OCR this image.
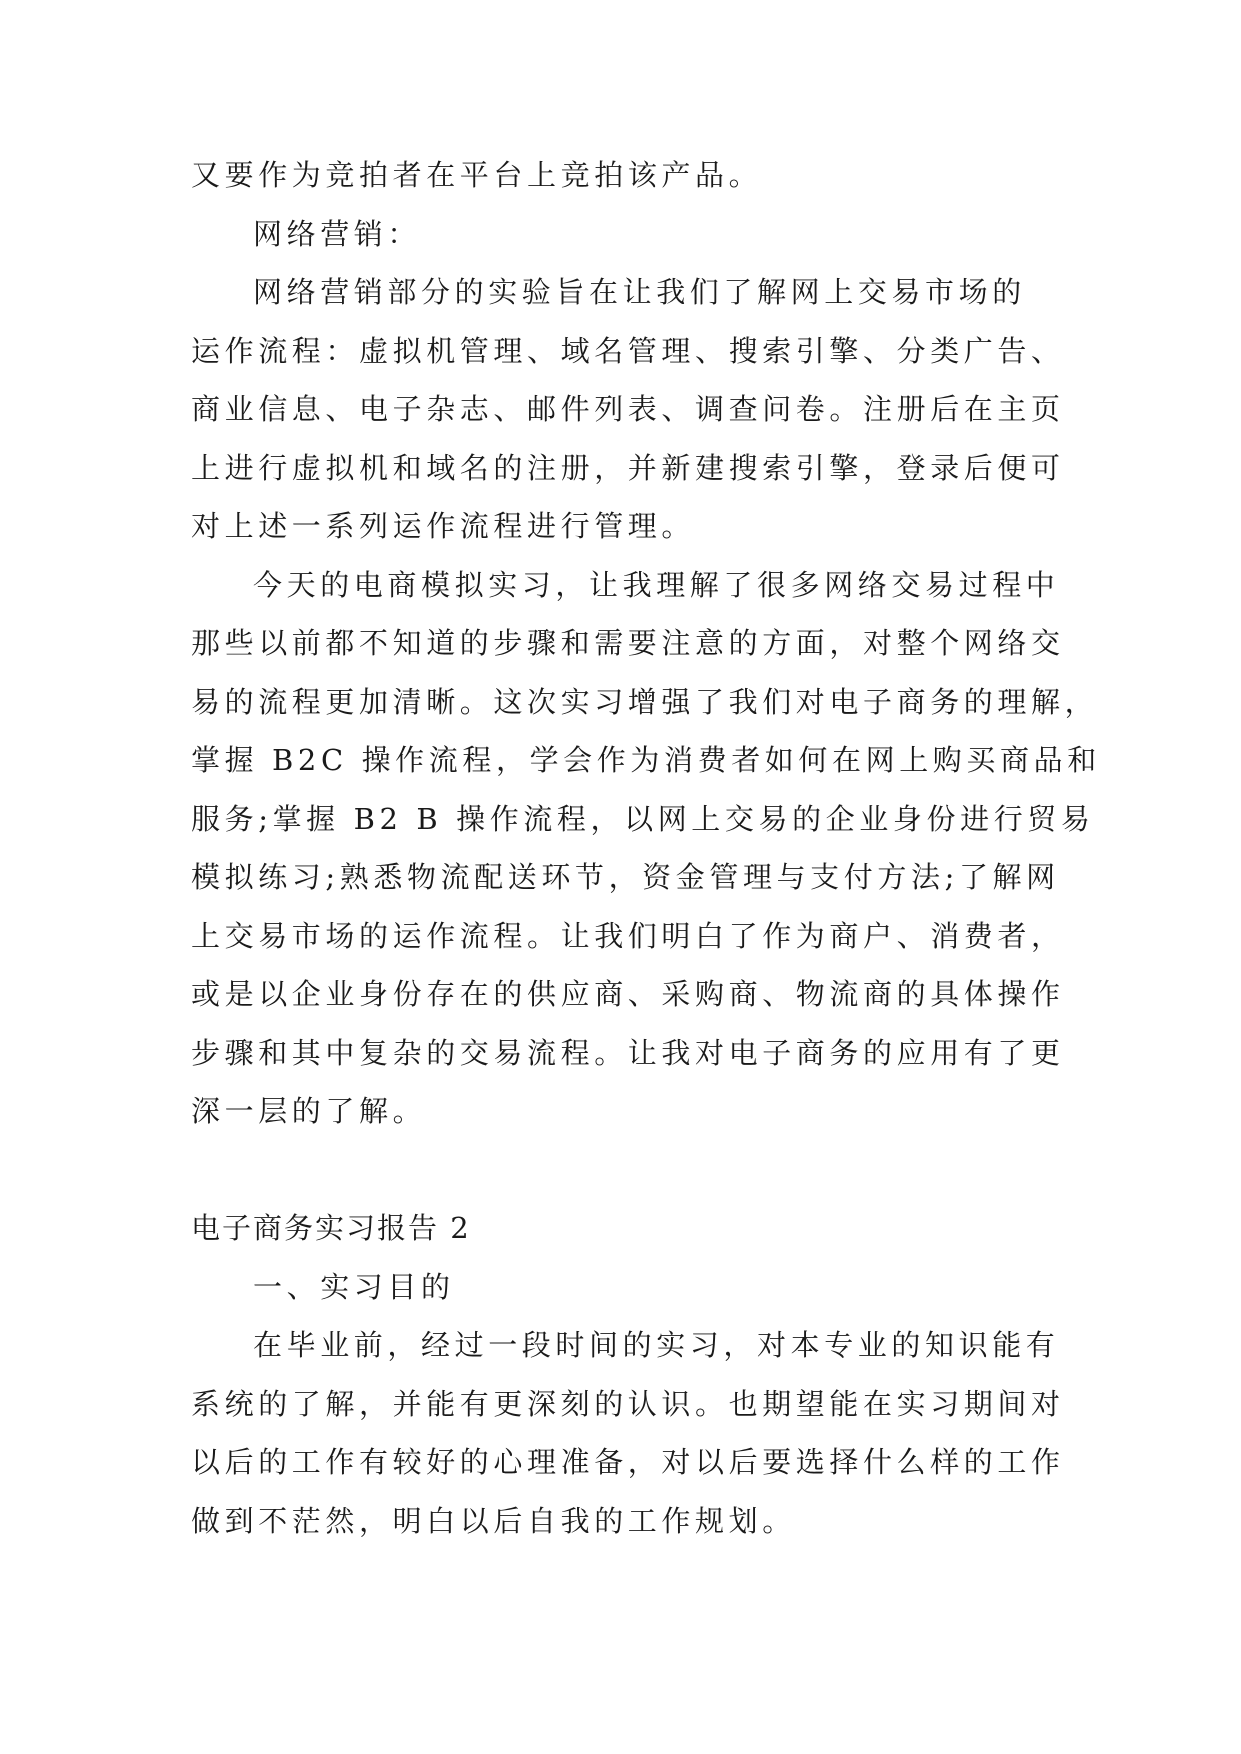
又要作为竞拍者在平台上竞拍该产品。
网络营销：
网络营销部分的实验旨在让我们了解网上交易市场的
运作流程：虚拟机管理、域名管理、搜索引擎、分类广告、
商业信息、电子杂志、邮件列表、调查问卷。注册后在主页
上进行虚拟机和域名的注册，并新建搜索引擎，登录后便可
对上述一系列运作流程进行管理。
今天的电商模拟实习，让我理解了很多网络交易过程中
那些以前都不知道的步骤和需要注意的方面，对整个网络交
易的流程更加清晰。这次实习增强了我们对电子商务的理解，
掌握 B2C 操作流程，学会作为消费者如何在网上购买商品和
服务;掌握 B2 B 操作流程，以网上交易的企业身份进行贸易
模拟练习;熟悉物流配送环节，资金管理与支付方法;了解网
上交易市场的运作流程。让我们明白了作为商户、消费者，
或是以企业身份存在的供应商、采购商、物流商的具体操作
步骤和其中复杂的交易流程。让我对电子商务的应用有了更
深一层的了解。
电子商务实习报告 2
一、实习目的
在毕业前，经过一段时间的实习，对本专业的知识能有
系统的了解，并能有更深刻的认识。也期望能在实习期间对
以后的工作有较好的心理准备，对以后要选择什么样的工作
做到不茫然，明白以后自我的工作规划。
